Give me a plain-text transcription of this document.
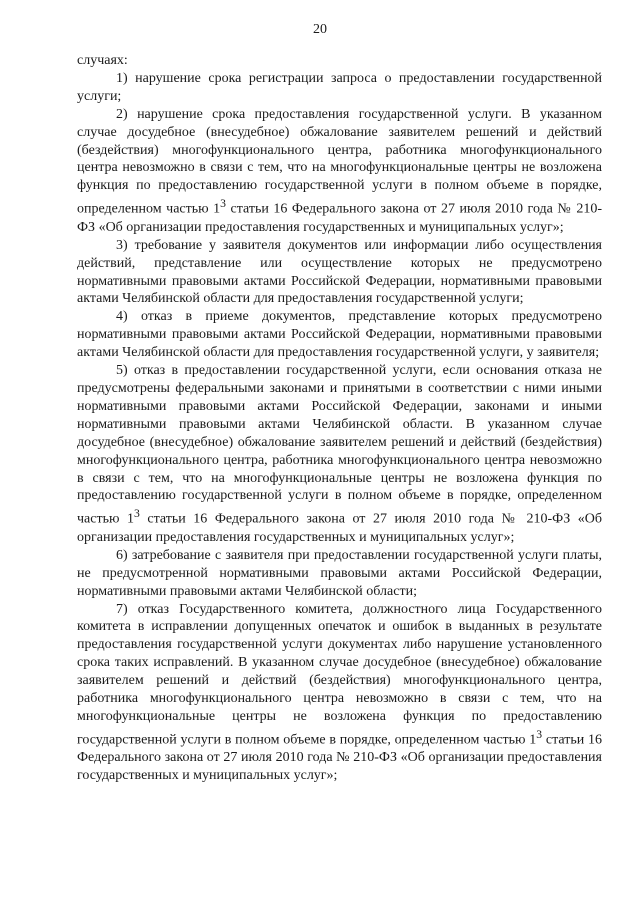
20

случаях:

1) нарушение срока регистрации запроса о предоставлении государственной услуги;

2) нарушение срока предоставления государственной услуги. В указанном случае досудебное (внесудебное) обжалование заявителем решений и действий (бездействия) многофункционального центра, работника многофункционального центра невозможно в связи с тем, что на многофункциональные центры не возложена функция по предоставлению государственной услуги в полном объеме в порядке, определенном частью $1^3$ статьи 16 Федерального закона от 27 июля 2010 года № 210-ФЗ «Об организации предоставления государственных и муниципальных услуг»;

3) требование у заявителя документов или информации либо осуществления действий, представление или осуществление которых не предусмотрено нормативными правовыми актами Российской Федерации, нормативными правовыми актами Челябинской области для предоставления государственной услуги;

4) отказ в приеме документов, представление которых предусмотрено нормативными правовыми актами Российской Федерации, нормативными правовыми актами Челябинской области для предоставления государственной услуги, у заявителя;

5) отказ в предоставлении государственной услуги, если основания отказа не предусмотрены федеральными законами и принятыми в соответствии с ними иными нормативными правовыми актами Российской Федерации, законами и иными нормативными правовыми актами Челябинской области. В указанном случае досудебное (внесудебное) обжалование заявителем решений и действий (бездействия) многофункционального центра, работника многофункционального центра невозможно в связи с тем, что на многофункциональные центры не возложена функция по предоставлению государственной услуги в полном объеме в порядке, определенном частью $1^3$ статьи 16 Федерального закона от 27 июля 2010 года № 210-ФЗ «Об организации предоставления государственных и муниципальных услуг»;

6) затребование с заявителя при предоставлении государственной услуги платы, не предусмотренной нормативными правовыми актами Российской Федерации, нормативными правовыми актами Челябинской области;

7) отказ Государственного комитета, должностного лица Государственного комитета в исправлении допущенных опечаток и ошибок в выданных в результате предоставления государственной услуги документах либо нарушение установленного срока таких исправлений. В указанном случае досудебное (внесудебное) обжалование заявителем решений и действий (бездействия) многофункционального центра, работника многофункционального центра невозможно в связи с тем, что на многофункциональные центры не возложена функция по предоставлению государственной услуги в полном объеме в порядке, определенном частью $1^3$ статьи 16 Федерального закона от 27 июля 2010 года № 210-ФЗ «Об организации предоставления государственных и муниципальных услуг»;
